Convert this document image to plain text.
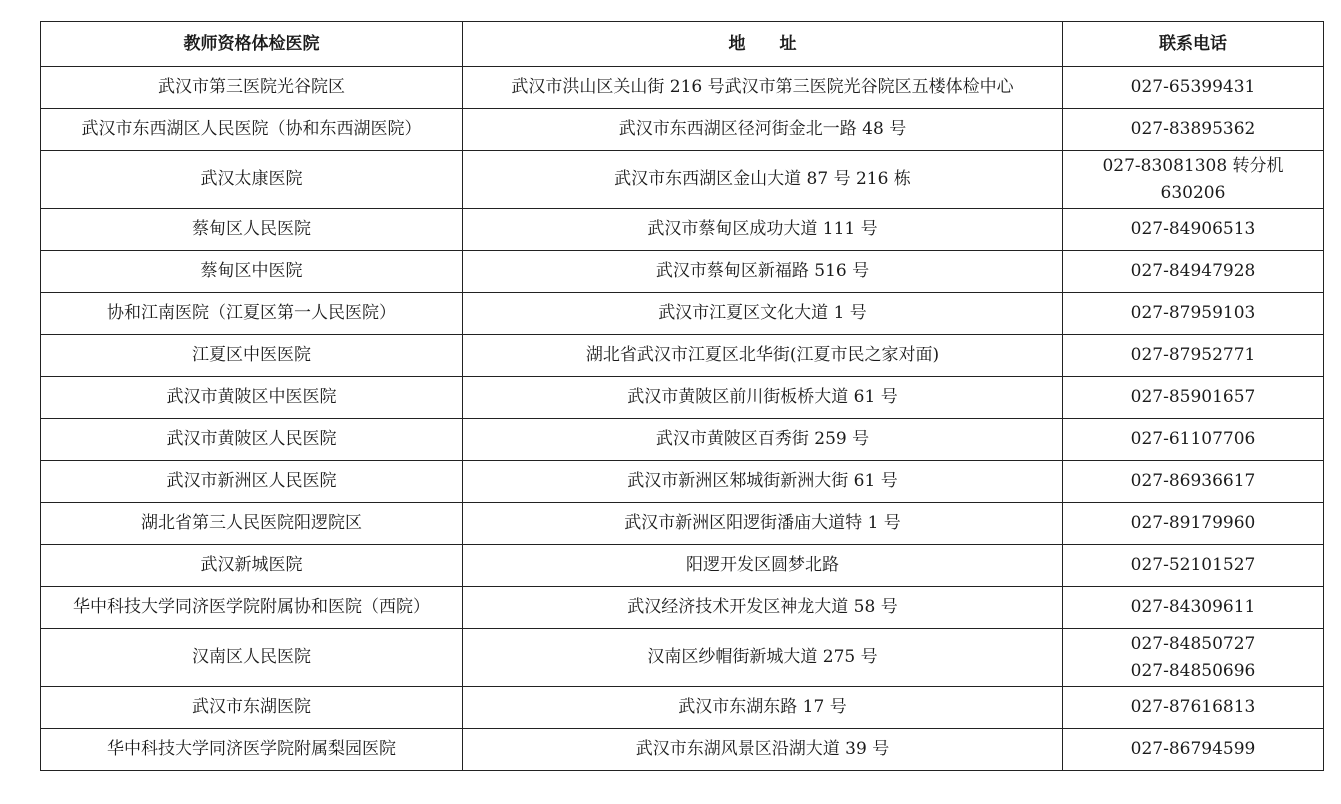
教师资格体检医院	地　　址	联系电话
武汉市第三医院光谷院区	武汉市洪山区关山街 216 号武汉市第三医院光谷院区五楼体检中心	027-65399431

武汉市东西湖区人民医院（协和东西湖医院）	武汉市东西湖区径河街金北一路 48 号	027-83895362

武汉太康医院	武汉市东西湖区金山大道 87 号 216 栋	027-83081308 转分机
630206

蔡甸区人民医院	武汉市蔡甸区成功大道 111 号	027-84906513

蔡甸区中医院	武汉市蔡甸区新福路 516 号	027-84947928

协和江南医院（江夏区第一人民医院）	武汉市江夏区文化大道 1 号	027-87959103

江夏区中医医院	湖北省武汉市江夏区北华街(江夏市民之家对面)	027-87952771

武汉市黄陂区中医医院	武汉市黄陂区前川街板桥大道 61 号	027-85901657

武汉市黄陂区人民医院	武汉市黄陂区百秀街 259 号	027-61107706

武汉市新洲区人民医院	武汉市新洲区邾城街新洲大街 61 号	027-86936617

湖北省第三人民医院阳逻院区	武汉市新洲区阳逻街潘庙大道特 1 号	027-89179960

武汉新城医院	阳逻开发区圆梦北路	027-52101527

华中科技大学同济医学院附属协和医院（西院）	武汉经济技术开发区神龙大道 58 号	027-84309611

汉南区人民医院	汉南区纱帽街新城大道 275 号	027-84850727
027-84850696

武汉市东湖医院	武汉市东湖东路 17 号	027-87616813

华中科技大学同济医学院附属梨园医院	武汉市东湖风景区沿湖大道 39 号	027-86794599
